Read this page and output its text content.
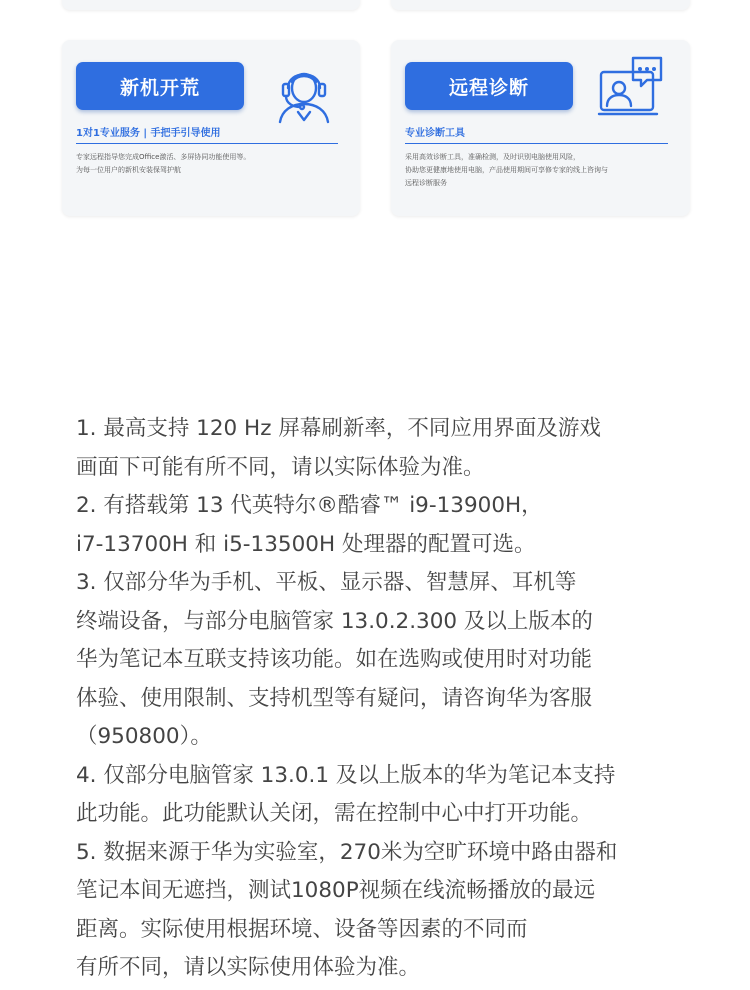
新机开荒
1对1专业服务 | 手把手引导使用
专家远程指导您完成Office激活、多屏协同功能使用等。
为每一位用户的新机安装保驾护航
远程诊断
专业诊断工具
采用高效诊断工具，准确检测，及时识别电脑使用风险，
协助您更健康地使用电脑，产品使用期间可享修专家的线上咨询与
远程诊断服务
1. 最高支持 120 Hz 屏幕刷新率，不同应用界面及游戏
画面下可能有所不同，请以实际体验为准。
2. 有搭载第 13 代英特尔®酷睿™ i9-13900H，
i7-13700H 和 i5-13500H 处理器的配置可选。
3. 仅部分华为手机、平板、显示器、智慧屏、耳机等
终端设备，与部分电脑管家 13.0.2.300 及以上版本的
华为笔记本互联支持该功能。如在选购或使用时对功能
体验、使用限制、支持机型等有疑问，请咨询华为客服
（950800）。
4. 仅部分电脑管家 13.0.1 及以上版本的华为笔记本支持
此功能。此功能默认关闭，需在控制中心中打开功能。
5. 数据来源于华为实验室，270米为空旷环境中路由器和
笔记本间无遮挡，测试1080P视频在线流畅播放的最远
距离。实际使用根据环境、设备等因素的不同而
有所不同，请以实际使用体验为准。
